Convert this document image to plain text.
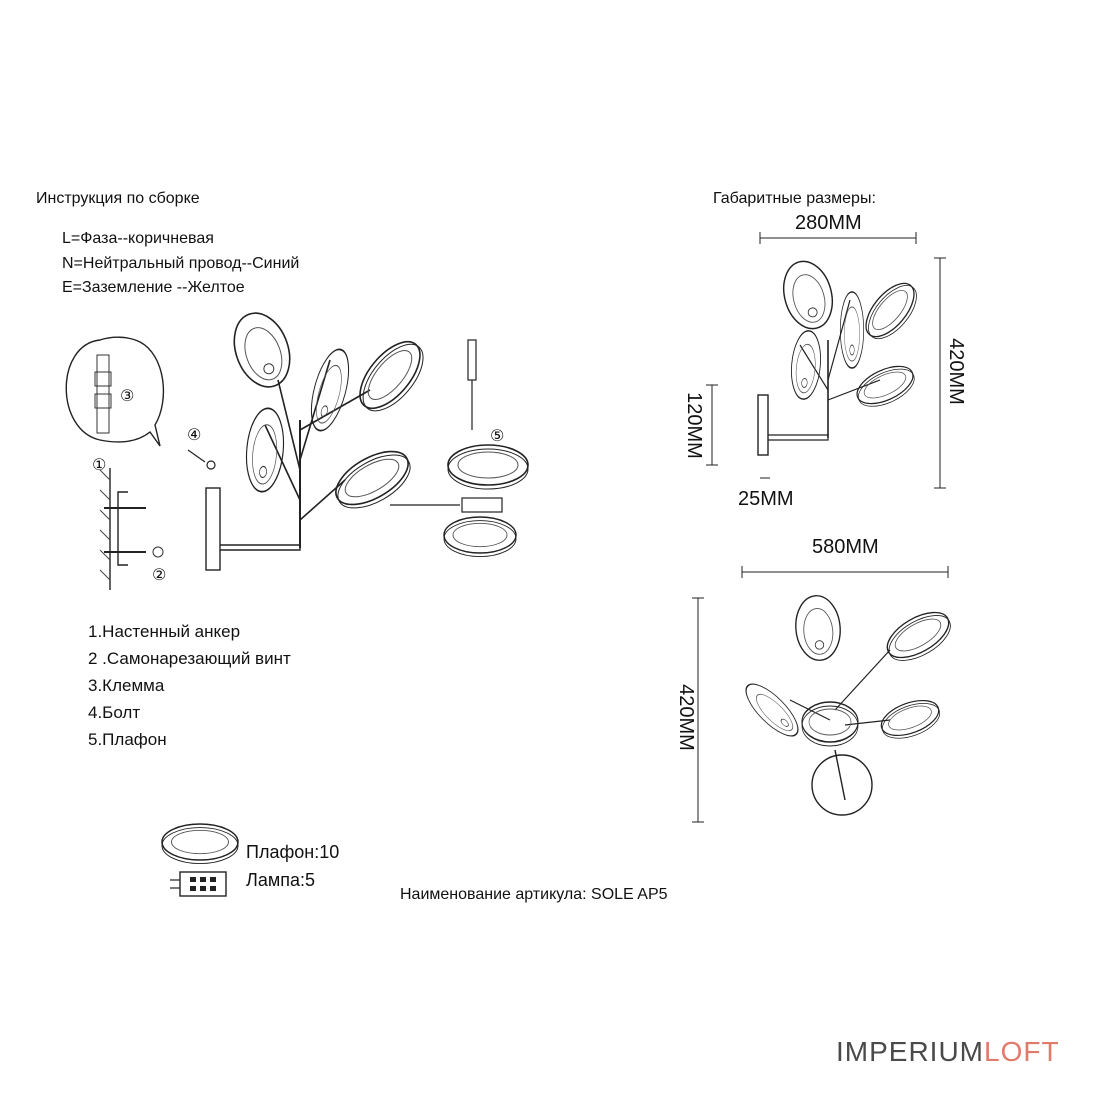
Инструкция по сборке

L=Фаза--коричневая

N=Нейтральный провод--Синий

E=Заземление --Желтое

①

②

③

④	⑤

1.Настенный анкер

2 .Самонарезающий винт

3.Клемма

4.Болт

5.Плафон

Габаритные размеры:

280MM

420MM

120MM

25MM

580MM

420MM

Плафон:10

Лампа:5

Наименование артикула: SOLE AP5

IMPERIUMLOFT
